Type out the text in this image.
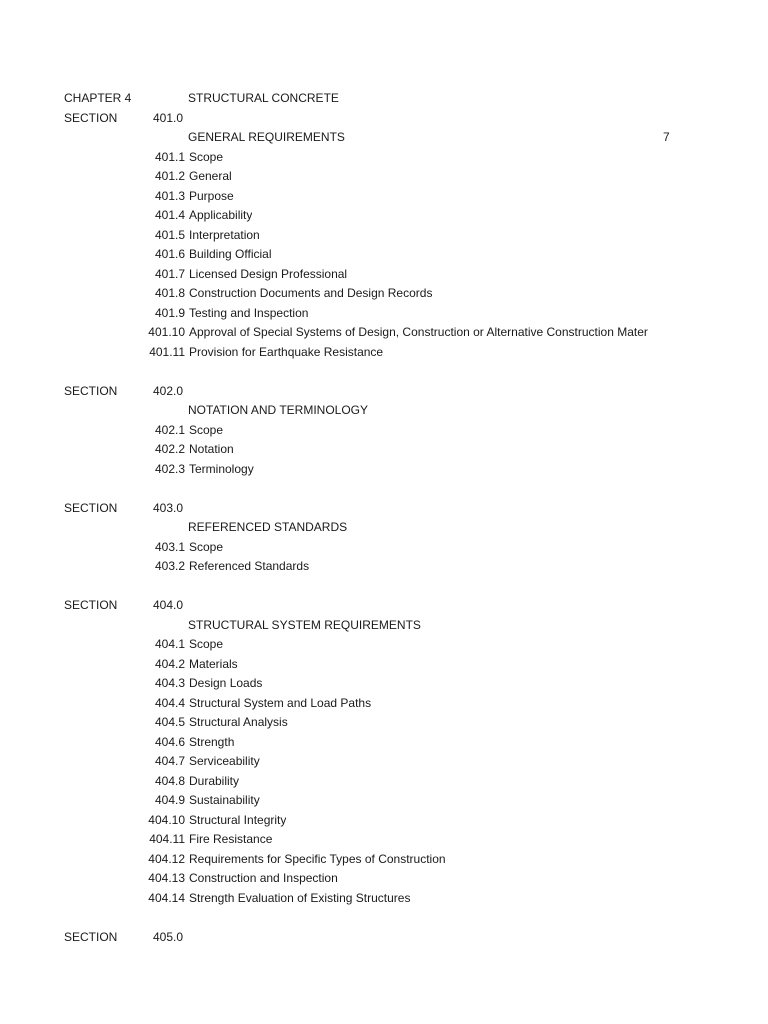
CHAPTER 4	STRUCTURAL CONCRETE
SECTION	401.0
GENERAL REQUIREMENTS	7
401.1 Scope
401.2 General
401.3 Purpose
401.4 Applicability
401.5 Interpretation
401.6 Building Official
401.7 Licensed Design Professional
401.8 Construction Documents and Design Records
401.9 Testing and Inspection
401.10 Approval of Special Systems of Design, Construction or Alternative Construction Mater
401.11 Provision for Earthquake Resistance
SECTION	402.0
NOTATION AND TERMINOLOGY
402.1 Scope
402.2 Notation
402.3 Terminology
SECTION	403.0
REFERENCED STANDARDS
403.1 Scope
403.2 Referenced Standards
SECTION	404.0
STRUCTURAL SYSTEM REQUIREMENTS
404.1 Scope
404.2 Materials
404.3 Design Loads
404.4 Structural System and Load Paths
404.5 Structural Analysis
404.6 Strength
404.7 Serviceability
404.8 Durability
404.9 Sustainability
404.10 Structural Integrity
404.11 Fire Resistance
404.12 Requirements for Specific Types of Construction
404.13 Construction and Inspection
404.14 Strength Evaluation of Existing Structures
SECTION	405.0
